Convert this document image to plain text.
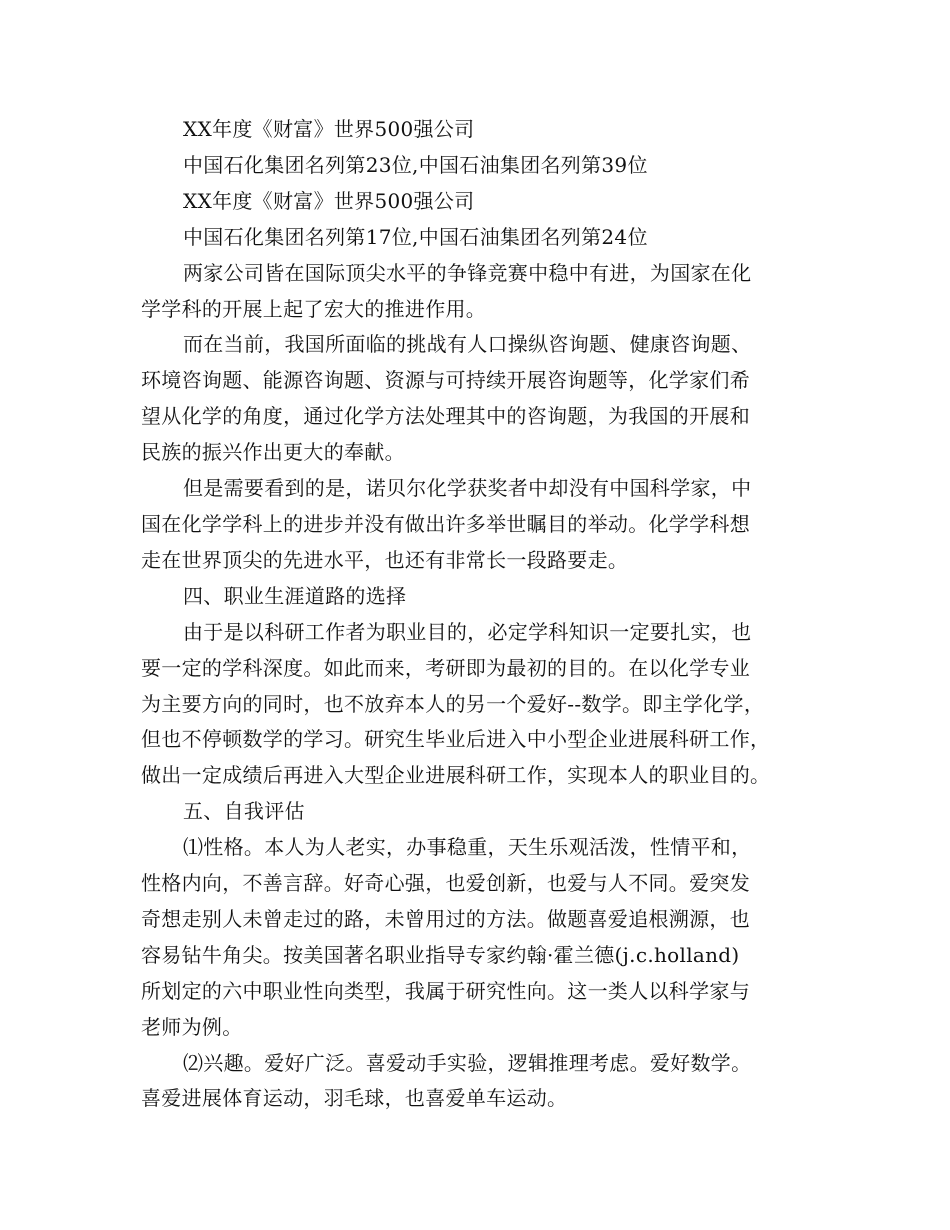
XX年度《财富》世界500强公司

中国石化集团名列第23位,中国石油集团名列第39位

XX年度《财富》世界500强公司

中国石化集团名列第17位,中国石油集团名列第24位

两家公司皆在国际顶尖水平的争锋竞赛中稳中有进，为国家在化

学学科的开展上起了宏大的推进作用。

而在当前，我国所面临的挑战有人口操纵咨询题、健康咨询题、

环境咨询题、能源咨询题、资源与可持续开展咨询题等，化学家们希

望从化学的角度，通过化学方法处理其中的咨询题，为我国的开展和

民族的振兴作出更大的奉献。

但是需要看到的是，诺贝尔化学获奖者中却没有中国科学家，中

国在化学学科上的进步并没有做出许多举世瞩目的举动。化学学科想

走在世界顶尖的先进水平，也还有非常长一段路要走。

四、职业生涯道路的选择

由于是以科研工作者为职业目的，必定学科知识一定要扎实，也

要一定的学科深度。如此而来，考研即为最初的目的。在以化学专业

为主要方向的同时，也不放弃本人的另一个爱好--数学。即主学化学，

但也不停顿数学的学习。研究生毕业后进入中小型企业进展科研工作，

做出一定成绩后再进入大型企业进展科研工作，实现本人的职业目的。

五、自我评估

⑴性格。本人为人老实，办事稳重，天生乐观活泼，性情平和，

性格内向，不善言辞。好奇心强，也爱创新，也爱与人不同。爱突发

奇想走别人未曾走过的路，未曾用过的方法。做题喜爱追根溯源，也

容易钻牛角尖。按美国著名职业指导专家约翰·霍兰德(j.c.holland)

所划定的六中职业性向类型，我属于研究性向。这一类人以科学家与

老师为例。

⑵兴趣。爱好广泛。喜爱动手实验，逻辑推理考虑。爱好数学。

喜爱进展体育运动，羽毛球，也喜爱单车运动。
